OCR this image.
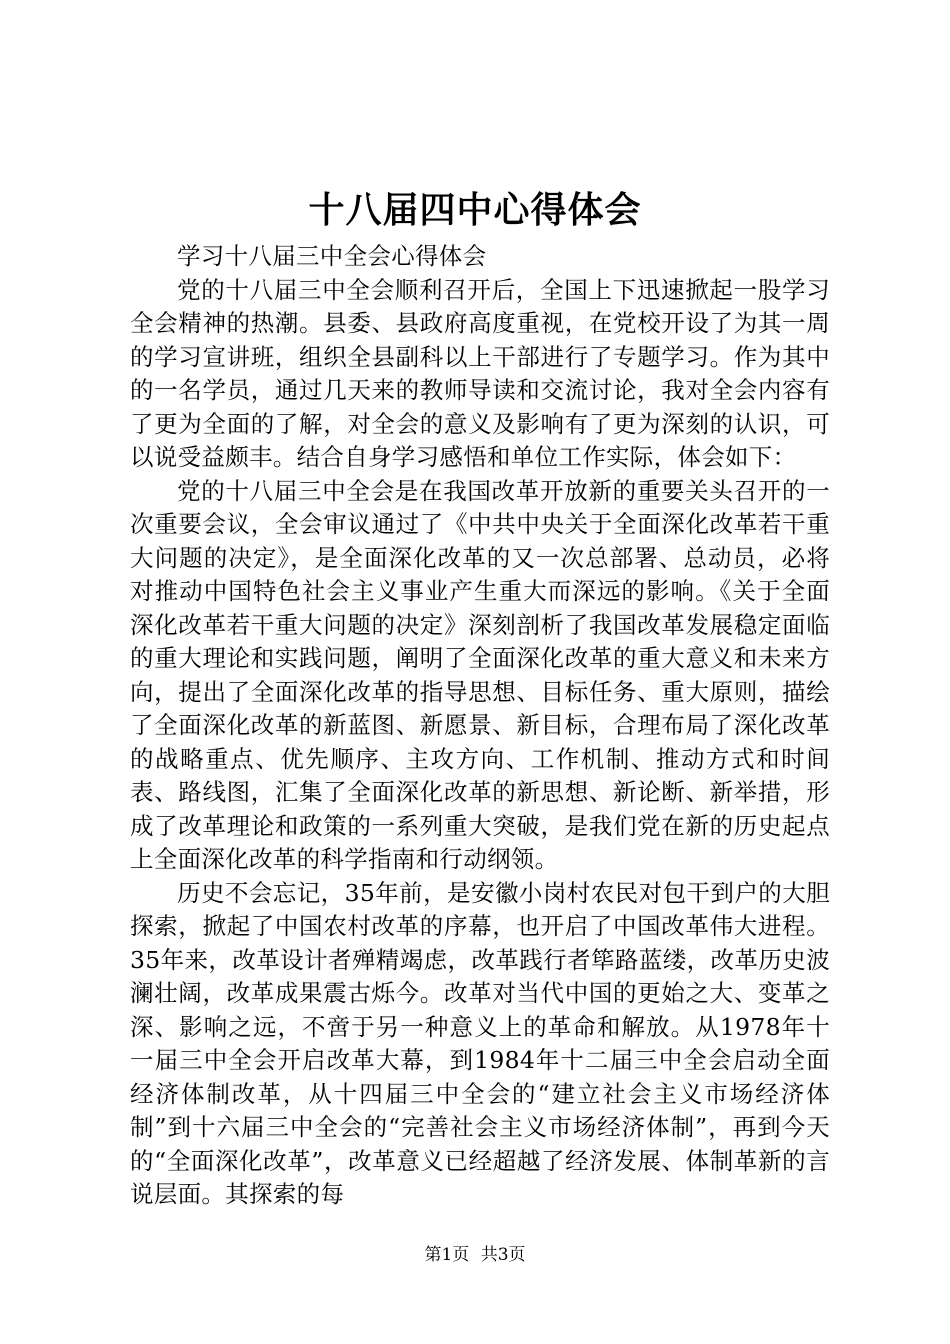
十八届四中心得体会

学习十八届三中全会心得体会

党的十八届三中全会顺利召开后，全国上下迅速掀起一股学习全会精神的热潮。县委、县政府高度重视，在党校开设了为其一周的学习宣讲班，组织全县副科以上干部进行了专题学习。作为其中的一名学员，通过几天来的教师导读和交流讨论，我对全会内容有了更为全面的了解，对全会的意义及影响有了更为深刻的认识，可以说受益颇丰。结合自身学习感悟和单位工作实际，体会如下：

党的十八届三中全会是在我国改革开放新的重要关头召开的一次重要会议，全会审议通过了《中共中央关于全面深化改革若干重大问题的决定》，是全面深化改革的又一次总部署、总动员，必将对推动中国特色社会主义事业产生重大而深远的影响。《关于全面深化改革若干重大问题的决定》深刻剖析了我国改革发展稳定面临的重大理论和实践问题，阐明了全面深化改革的重大意义和未来方向，提出了全面深化改革的指导思想、目标任务、重大原则，描绘了全面深化改革的新蓝图、新愿景、新目标，合理布局了深化改革的战略重点、优先顺序、主攻方向、工作机制、推动方式和时间表、路线图，汇集了全面深化改革的新思想、新论断、新举措，形成了改革理论和政策的一系列重大突破，是我们党在新的历史起点上全面深化改革的科学指南和行动纲领。

历史不会忘记，35年前，是安徽小岗村农民对包干到户的大胆探索，掀起了中国农村改革的序幕，也开启了中国改革伟大进程。35年来，改革设计者殚精竭虑，改革践行者筚路蓝缕，改革历史波澜壮阔，改革成果震古烁今。改革对当代中国的更始之大、变革之深、影响之远，不啻于另一种意义上的革命和解放。从1978年十一届三中全会开启改革大幕，到1984年十二届三中全会启动全面经济体制改革，从十四届三中全会的“建立社会主义市场经济体制”到十六届三中全会的“完善社会主义市场经济体制”，再到今天的“全面深化改革”，改革意义已经超越了经济发展、体制革新的言说层面。其探索的每

第1页 共3页
